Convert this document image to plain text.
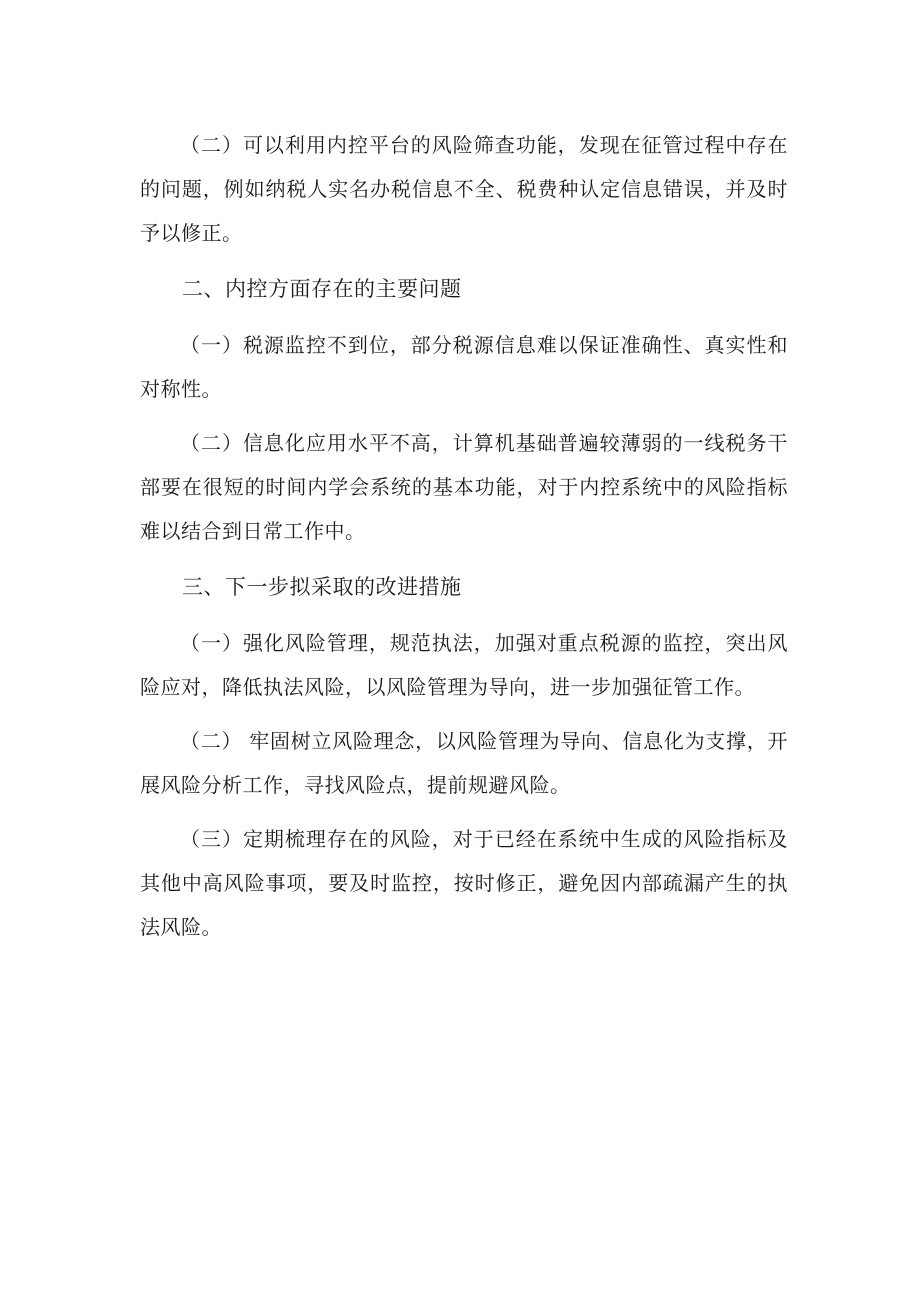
（二）可以利用内控平台的风险筛查功能，发现在征管过程中存在的问题，例如纳税人实名办税信息不全、税费种认定信息错误，并及时予以修正。

二、内控方面存在的主要问题

（一）税源监控不到位，部分税源信息难以保证准确性、真实性和对称性。

（二）信息化应用水平不高，计算机基础普遍较薄弱的一线税务干部要在很短的时间内学会系统的基本功能，对于内控系统中的风险指标难以结合到日常工作中。

三、下一步拟采取的改进措施

（一）强化风险管理，规范执法，加强对重点税源的监控，突出风险应对，降低执法风险，以风险管理为导向，进一步加强征管工作。

（二） 牢固树立风险理念，以风险管理为导向、信息化为支撑，开展风险分析工作，寻找风险点，提前规避风险。

（三）定期梳理存在的风险，对于已经在系统中生成的风险指标及其他中高风险事项，要及时监控，按时修正，避免因内部疏漏产生的执法风险。
